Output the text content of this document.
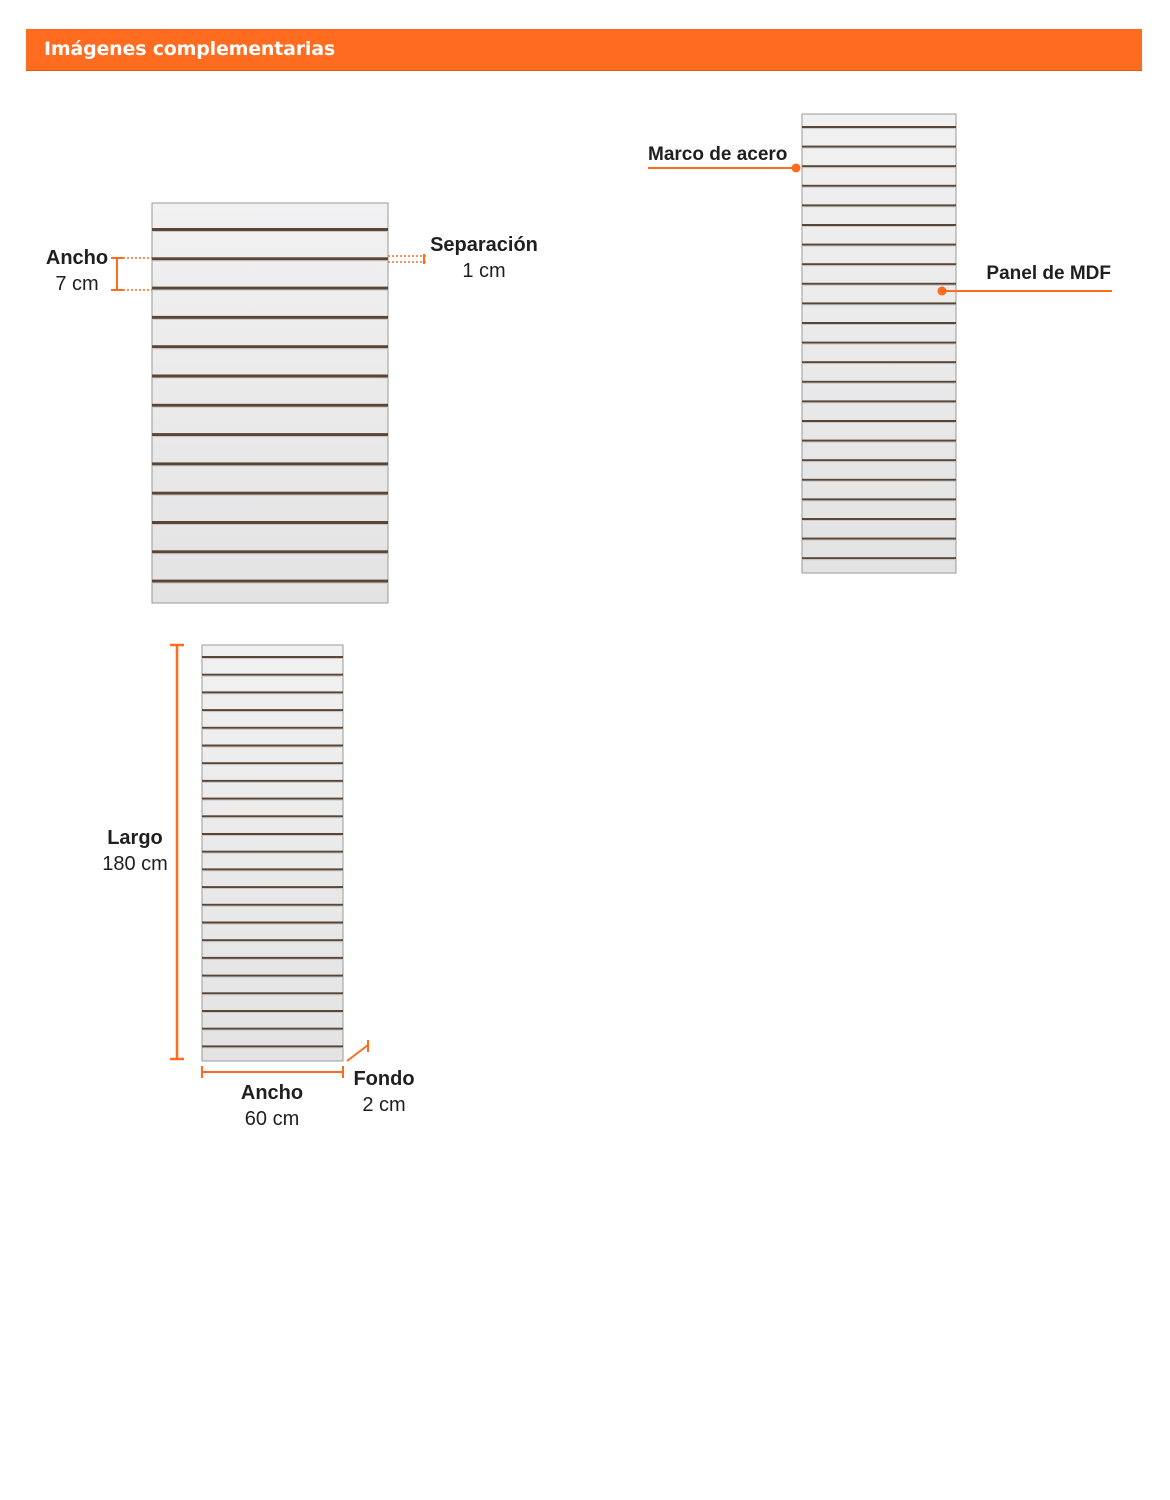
Imágenes complementarias
Ancho
7 cm
Separación
1 cm
Marco de acero
Panel de MDF
Largo
180 cm
Ancho
60 cm
Fondo
2 cm
